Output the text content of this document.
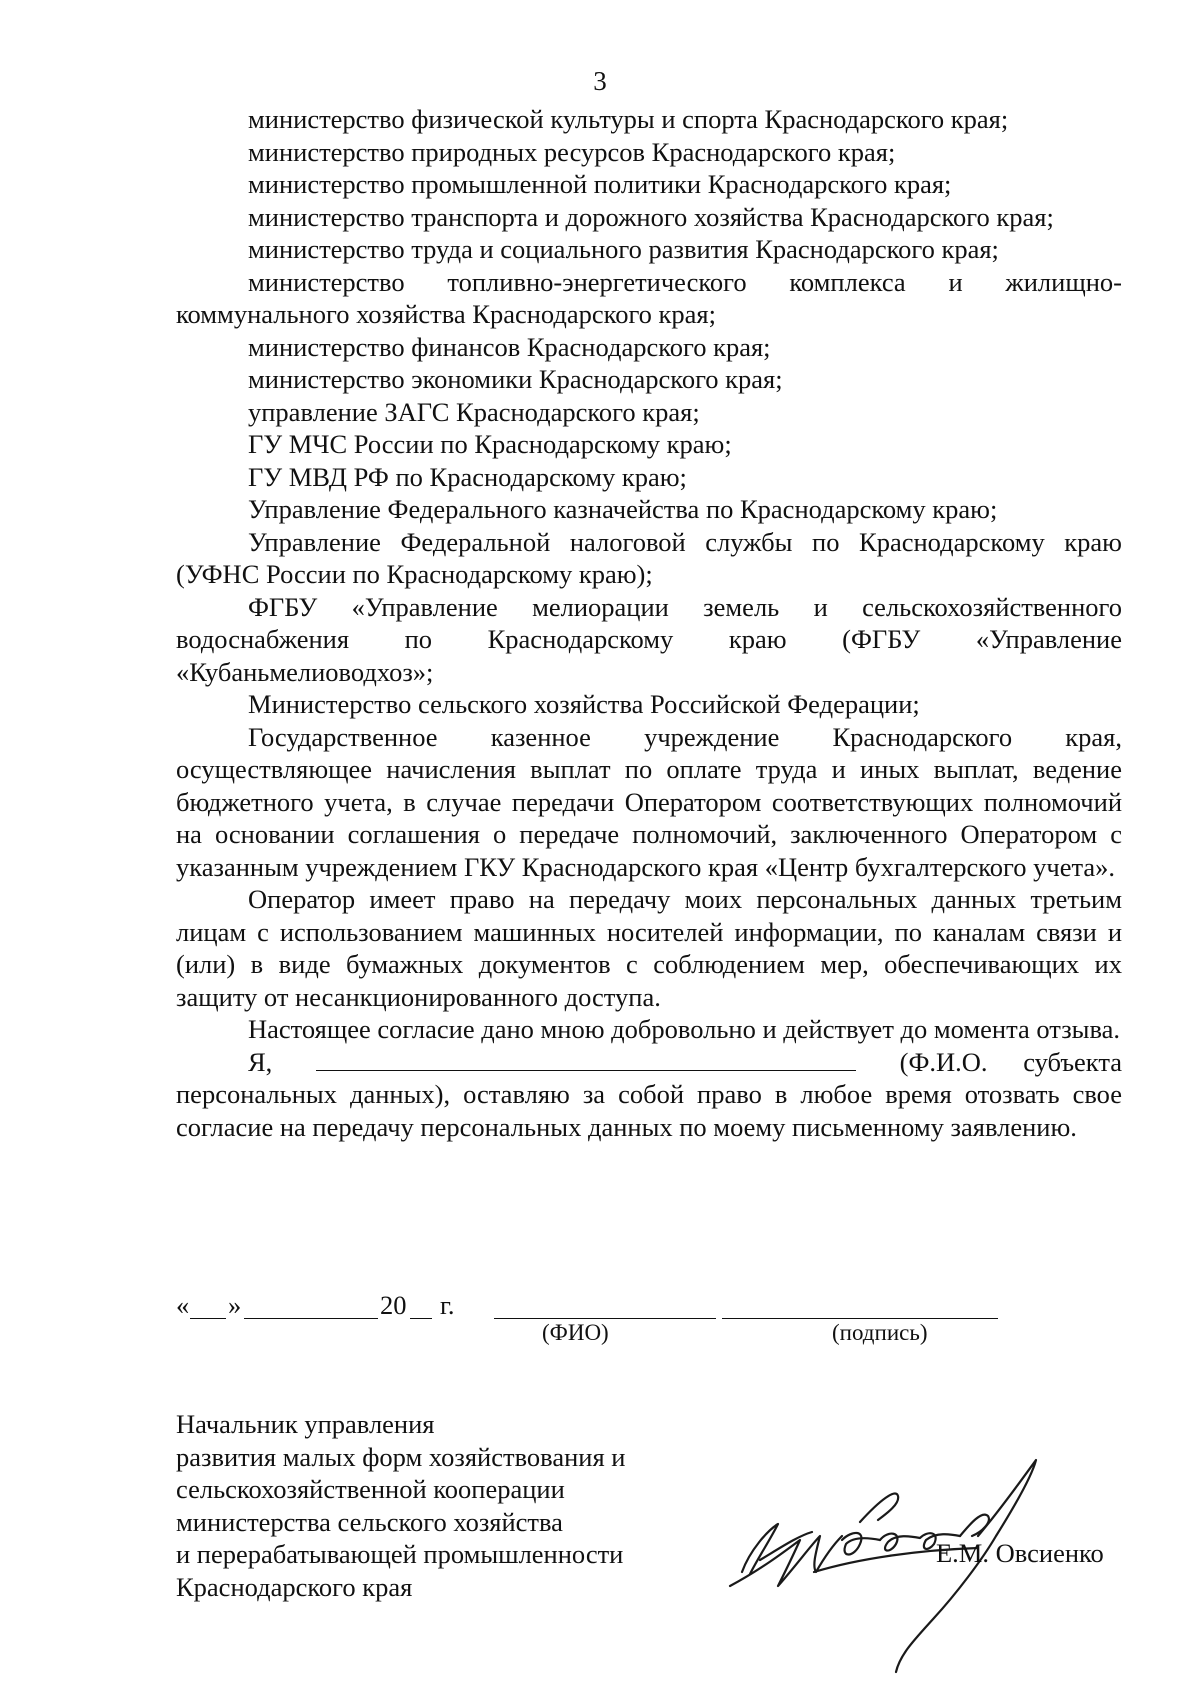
3

министерство физической культуры и спорта Краснодарского края;

министерство природных ресурсов Краснодарского края;

министерство промышленной политики Краснодарского края;

министерство транспорта и дорожного хозяйства Краснодарского края;

министерство труда и социального развития Краснодарского края;

министерство топливно-энергетического комплекса и жилищно-коммунального хозяйства Краснодарского края;

министерство финансов Краснодарского края;

министерство экономики Краснодарского края;

управление ЗАГС Краснодарского края;

ГУ МЧС России по Краснодарскому краю;

ГУ МВД РФ по Краснодарскому краю;

Управление Федерального казначейства по Краснодарскому краю;

Управление Федеральной налоговой службы по Краснодарскому краю (УФНС России по Краснодарскому краю);

ФГБУ «Управление мелиорации земель и сельскохозяйственного водоснабжения по Краснодарскому краю (ФГБУ «Управление «Кубаньмелиоводхоз»;

Министерство сельского хозяйства Российской Федерации;

Государственное казенное учреждение Краснодарского края, осуществляющее начисления выплат по оплате труда и иных выплат, ведение бюджетного учета, в случае передачи Оператором соответствующих полномочий на основании соглашения о передаче полномочий, заключенного Оператором с указанным учреждением ГКУ Краснодарского края «Центр бухгалтерского учета».

Оператор имеет право на передачу моих персональных данных третьим лицам с использованием машинных носителей информации, по каналам связи и (или) в виде бумажных документов с соблюдением мер, обеспечивающих их защиту от несанкционированного доступа.

Настоящее согласие дано мною добровольно и действует до момента отзыва.

Я,	(Ф.И.О. субъекта персональных данных), оставляю за собой право в любое время отозвать свое согласие на передачу персональных данных по моему письменному заявлению.

« »	20 г.
(ФИО)	(подпись)
Начальник управления
развития малых форм хозяйствования и
сельскохозяйственной кооперации
министерства сельского хозяйства
и перерабатывающей промышленности
Краснодарского края
Е.М. Овсиенко
